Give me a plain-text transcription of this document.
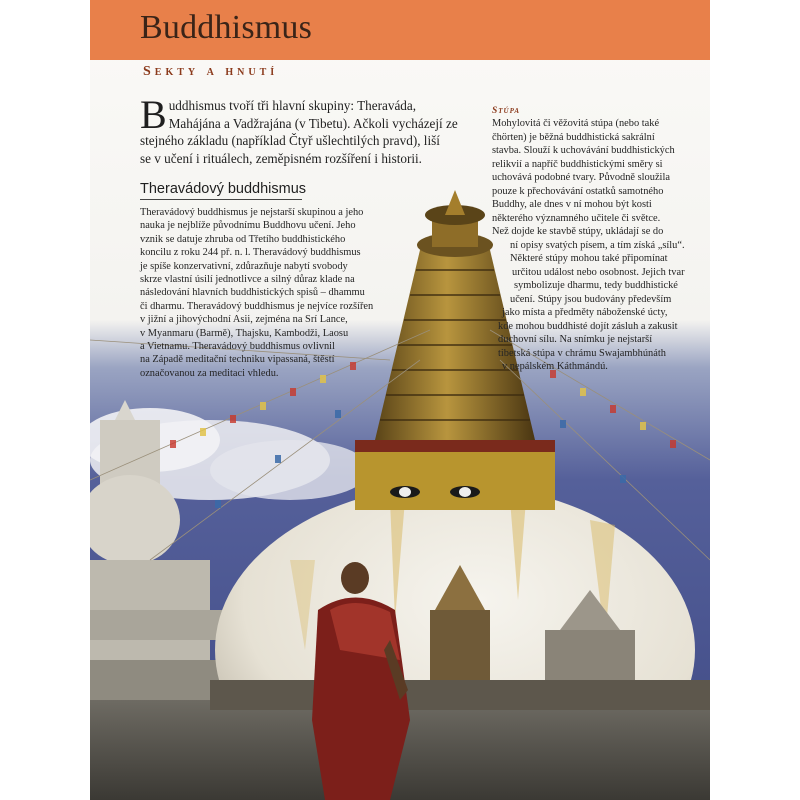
Buddhismus
Sekty a hnutí
B uddhismus tvoří tři hlavní skupiny: Theraváda,
Mahájána a Vadžrajána (v Tibetu). Ačkoli vycházejí ze
stejného základu (například Čtyř ušlechtilých pravd), liší
se v učení i rituálech, zeměpisném rozšíření i historii.
Theravádový buddhismus
Theravádový buddhismus je nejstarší skupinou a jeho
nauka je nejblíže původnímu Buddhovu učení. Jeho
vznik se datuje zhruba od Třetího buddhistického
koncilu z roku 244 př. n. l. Theravádový buddhismus
je spíše konzervativní, zdůrazňuje nabytí svobody
skrze vlastní úsilí jednotlivce a silný důraz klade na
následování hlavních buddhistických spisů – dhammu
či dharmu. Theravádový buddhismus je nejvíce rozšířen
v jižní a jihovýchodní Asii, zejména na Srí Lance,
v Myanmaru (Barmě), Thajsku, Kambodži, Laosu
a Vietnamu. Theravádový buddhismus ovlivnil
na Západě meditační techniku vipassaná, štěstí
označovanou za meditaci vhledu.
Stúpa
Mohylovitá či věžovitá stúpa (nebo také
čhörten) je běžná buddhistická sakrální
stavba. Slouží k uchovávání buddhistických
relikvií a napříč buddhistickými směry si
uchovává podobné tvary. Původně sloužila
pouze k přechovávání ostatků samotného
Buddhy, ale dnes v ní mohou být kosti
některého významného učitele či světce.
Než dojde ke stavbě stúpy, ukládají se do
ní opisy svatých písem, a tím získá „sílu“.
Některé stúpy mohou také připomínat
určitou událost nebo osobnost. Jejich tvar
symbolizuje dharmu, tedy buddhistické
učení. Stúpy jsou budovány především
jako místa a předměty náboženské úcty,
kde mohou buddhisté dojít zásluh a zakusit
duchovní sílu. Na snímku je nejstarší
tibetská stúpa v chrámu Swajambhúnáth
v nepálském Káthmándú.
